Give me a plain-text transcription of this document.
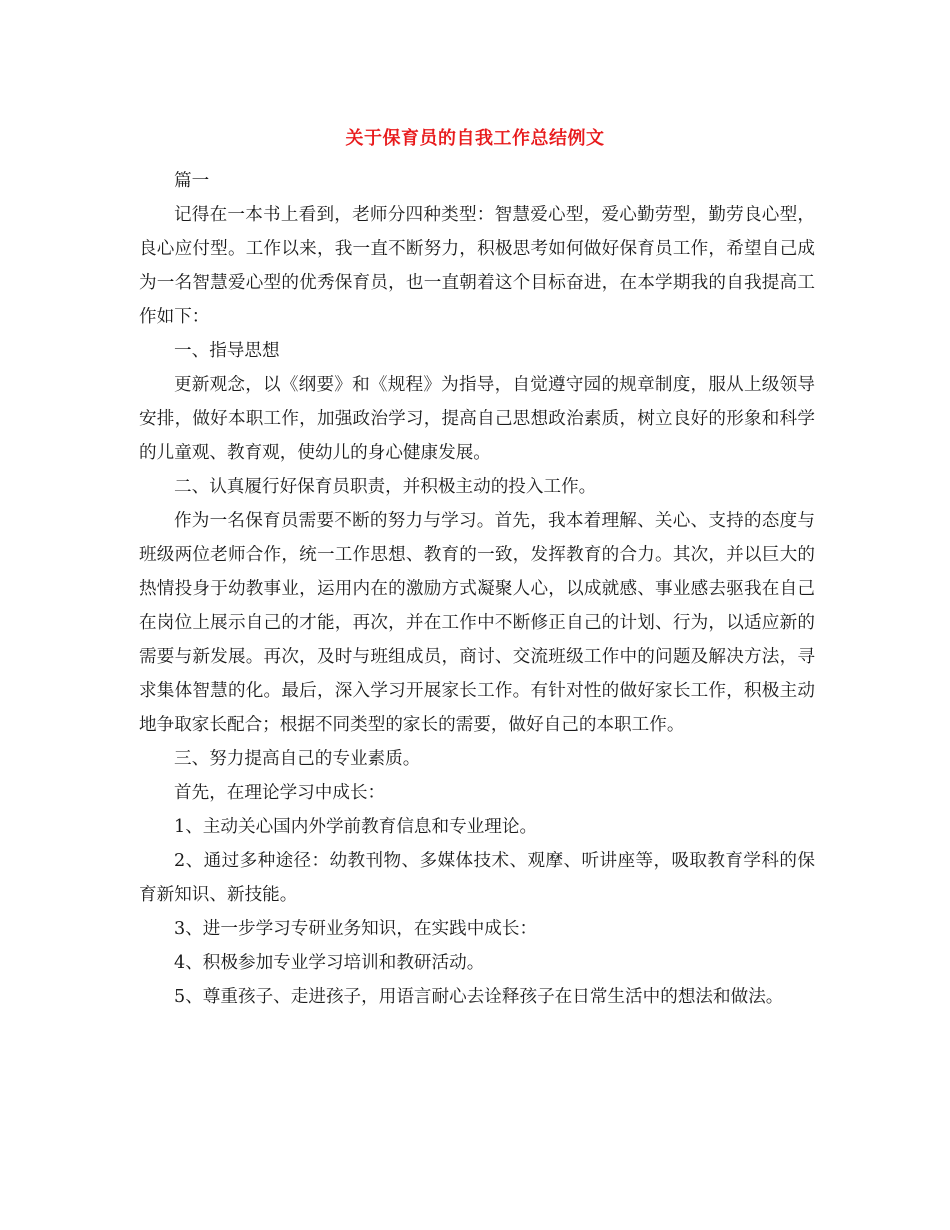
关于保育员的自我工作总结例文

篇一

记得在一本书上看到，老师分四种类型：智慧爱心型，爱心勤劳型，勤劳良心型，良心应付型。工作以来，我一直不断努力，积极思考如何做好保育员工作，希望自己成为一名智慧爱心型的优秀保育员，也一直朝着这个目标奋进，在本学期我的自我提高工作如下：

一、指导思想

更新观念，以《纲要》和《规程》为指导，自觉遵守园的规章制度，服从上级领导安排，做好本职工作，加强政治学习，提高自己思想政治素质，树立良好的形象和科学的儿童观、教育观，使幼儿的身心健康发展。

二、认真履行好保育员职责，并积极主动的投入工作。

作为一名保育员需要不断的努力与学习。首先，我本着理解、关心、支持的态度与班级两位老师合作，统一工作思想、教育的一致，发挥教育的合力。其次，并以巨大的热情投身于幼教事业，运用内在的激励方式凝聚人心，以成就感、事业感去驱我在自己在岗位上展示自己的才能，再次，并在工作中不断修正自己的计划、行为，以适应新的需要与新发展。再次，及时与班组成员，商讨、交流班级工作中的问题及解决方法，寻求集体智慧的化。最后，深入学习开展家长工作。有针对性的做好家长工作，积极主动地争取家长配合；根据不同类型的家长的需要，做好自己的本职工作。

三、努力提高自己的专业素质。

首先，在理论学习中成长：

1、主动关心国内外学前教育信息和专业理论。

2、通过多种途径：幼教刊物、多媒体技术、观摩、听讲座等，吸取教育学科的保育新知识、新技能。

3、进一步学习专研业务知识，在实践中成长：

4、积极参加专业学习培训和教研活动。

5、尊重孩子、走进孩子，用语言耐心去诠释孩子在日常生活中的想法和做法。
